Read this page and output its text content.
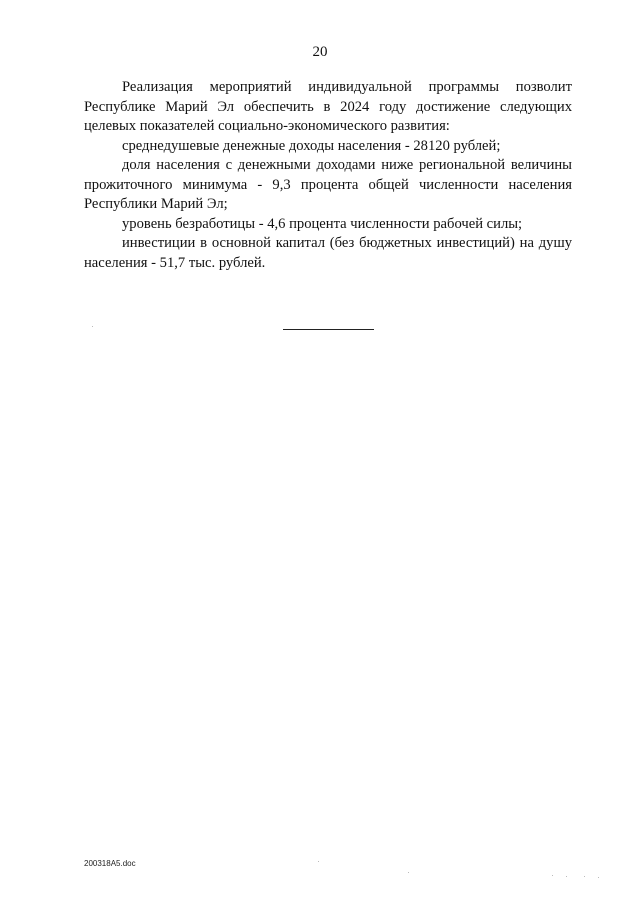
20

Реализация мероприятий индивидуальной программы позволит Республике Марий Эл обеспечить в 2024 году достижение следующих целевых показателей социально-экономического развития:

среднедушевые денежные доходы населения - 28120 рублей;

доля населения с денежными доходами ниже региональной величины прожиточного минимума - 9,3 процента общей численности населения Республики Марий Эл;

уровень безработицы - 4,6 процента численности рабочей силы;

инвестиции в основной капитал (без бюджетных инвестиций) на душу населения - 51,7 тыс. рублей.

200318A5.doc
